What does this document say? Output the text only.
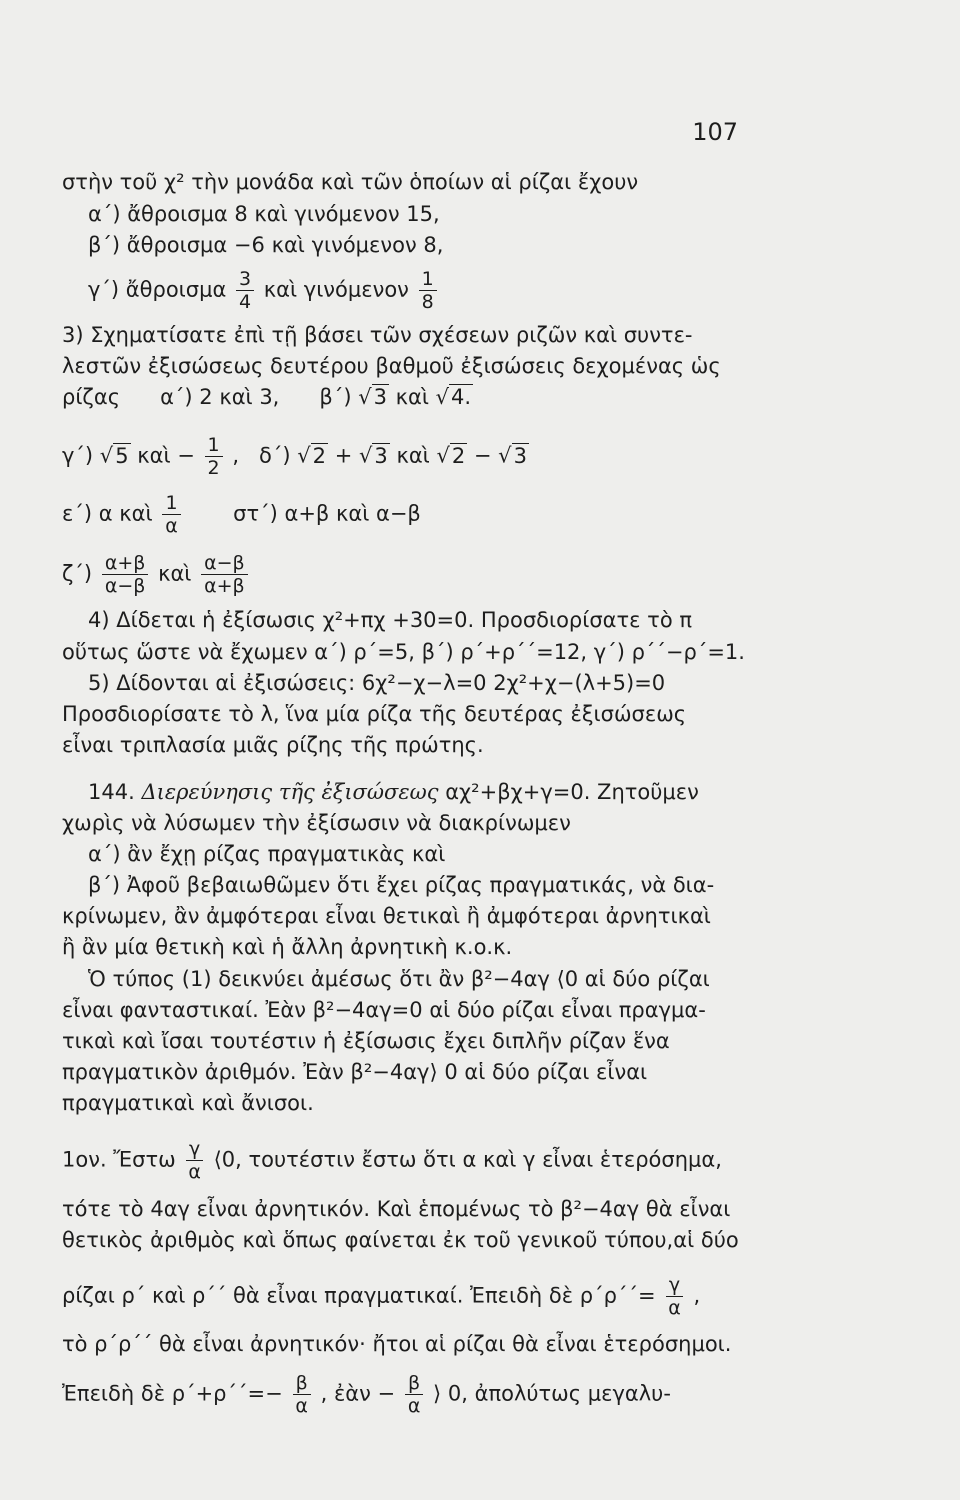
107
στὴν τοῦ χ² τὴν μονάδα καὶ τῶν ὁποίων αἱ ρίζαι ἔχουν
α΄) ἄθροισμα 8 καὶ γινόμενον 15,
β΄) ἄθροισμα −6 καὶ γινόμενον 8,
γ΄) ἄθροισμα $\frac{3}{4}$ καὶ γινόμενον $\frac{1}{8}$
3) Σχηματίσατε ἐπὶ τῇ βάσει τῶν σχέσεων ριζῶν καὶ συντε-
λεστῶν ἐξισώσεως δευτέρου βαθμοῦ ἐξισώσεις δεχομένας ὡς
ρίζας      α΄) 2 καὶ 3,      β΄) √3 καὶ √4.
γ΄) √5 καὶ − $\frac{1}{2}$ ,   δ΄) √2 + √3 καὶ √2 − √3
ε΄) α καὶ $\frac{1}{\alpha} \sigma\tau΄$) α+β καὶ α−β
$\zeta΄) \frac{\alpha+\beta}{\alpha-\beta}$ καὶ $\frac{\alpha-\beta}{\alpha+\beta}$
4) Δίδεται ἡ ἐξίσωσις χ²+πχ +30=0. Προσδιορίσατε τὸ π
οὕτως ὥστε νὰ ἔχωμεν α΄) ρ΄=5, β΄) ρ΄+ρ΄΄=12, γ΄) ρ΄΄−ρ΄=1.
5) Δίδονται αἱ ἐξισώσεις: 6χ²−χ−λ=0 2χ²+χ−(λ+5)=0
Προσδιορίσατε τὸ λ, ἵνα μία ρίζα τῆς δευτέρας ἐξισώσεως
εἶναι τριπλασία μιᾶς ρίζης τῆς πρώτης.
144. Διερεύνησις τῆς ἐξισώσεως αχ²+βχ+γ=0. Ζητοῦμεν
χωρὶς νὰ λύσωμεν τὴν ἐξίσωσιν νὰ διακρίνωμεν
α΄) ἂν ἔχῃ ρίζας πραγματικὰς καὶ
β΄) Ἀφοῦ βεβαιωθῶμεν ὅτι ἔχει ρίζας πραγματικάς, νὰ δια-
κρίνωμεν, ἂν ἀμφότεραι εἶναι θετικαὶ ἢ ἀμφότεραι ἀρνητικαὶ
ἢ ἂν μία θετικὴ καὶ ἡ ἄλλη ἀρνητικὴ κ.ο.κ.
Ὁ τύπος (1) δεικνύει ἀμέσως ὅτι ἂν β²−4αγ ⟨0 αἱ δύο ρίζαι
εἶναι φανταστικαί. Ἐὰν β²−4αγ=0 αἱ δύο ρίζαι εἶναι πραγμα-
τικαὶ καὶ ἴσαι τουτέστιν ἡ ἐξίσωσις ἔχει διπλῆν ρίζαν ἕνα
πραγματικὸν ἀριθμόν. Ἐὰν β²−4αγ⟩ 0 αἱ δύο ρίζαι εἶναι
πραγματικαὶ καὶ ἄνισοι.
1ον. Ἔστω $\frac{\gamma}{\alpha}$ ⟨0, τουτέστιν ἔστω ὅτι α καὶ γ εἶναι ἑτερόσημα,
τότε τὸ 4αγ εἶναι ἀρνητικόν. Καὶ ἑπομένως τὸ β²−4αγ θὰ εἶναι
θετικὸς ἀριθμὸς καὶ ὅπως φαίνεται ἐκ τοῦ γενικοῦ τύπου,αἱ δύο
ρίζαι ρ΄ καὶ ρ΄΄ θὰ εἶναι πραγματικαί. Ἐπειδὴ δὲ $\rho΄\rho΄΄= \frac{\gamma}{\alpha}$ ,
τὸ ρ΄ρ΄΄ θὰ εἶναι ἀρνητικόν· ἤτοι αἱ ρίζαι θὰ εἶναι ἑτερόσημοι.
Ἐπειδὴ δὲ $\rho΄+\rho΄΄=- \frac{\beta}{\alpha}$ , ἐὰν − $\frac{\beta}{\alpha}$ ⟩ 0, ἀπολύτως μεγαλυ-
